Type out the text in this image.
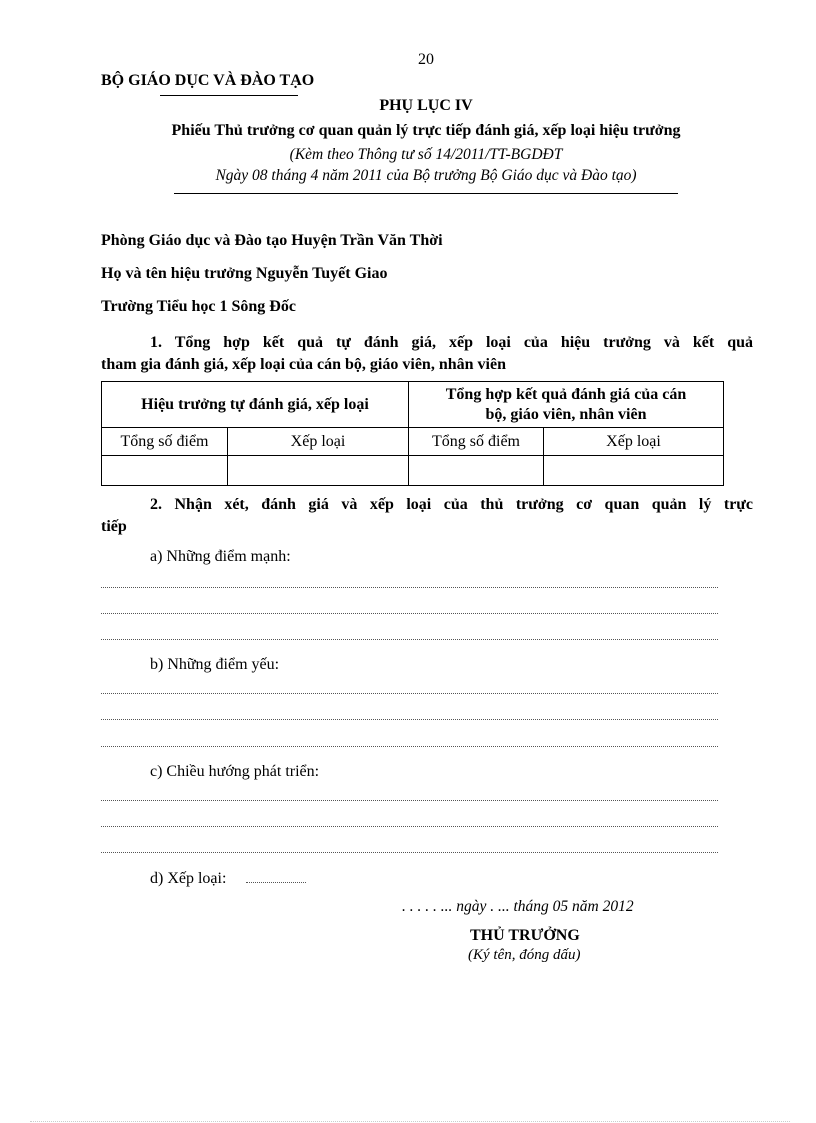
20
BỘ GIÁO DỤC VÀ ĐÀO TẠO
PHỤ LỤC IV
Phiếu Thủ trưởng cơ quan quản lý trực tiếp đánh giá, xếp loại hiệu trưởng
(Kèm theo Thông tư số 14/2011/TT-BGDĐT
Ngày 08 tháng 4 năm 2011 của Bộ trưởng Bộ Giáo dục và Đào tạo)
Phòng Giáo dục và Đào tạo Huyện Trần Văn Thời
Họ và tên hiệu trưởng Nguyễn Tuyết Giao
Trường Tiểu học 1 Sông Đốc
1. Tổng hợp kết quả tự đánh giá, xếp loại của hiệu trưởng và kết quả
tham gia đánh giá, xếp loại của cán bộ, giáo viên, nhân viên
Hiệu trưởng tự đánh giá, xếp loại		Tổng hợp kết quả đánh giá của cán
bộ, giáo viên, nhân viên	
Tổng số điểm	Xếp loại	Tổng số điểm	Xếp loại

2. Nhận xét, đánh giá và xếp loại của thủ trưởng cơ quan quản lý trực
tiếp
a) Những điểm mạnh:
b) Những điểm yếu:
c) Chiều hướng phát triển:
d) Xếp loại:
. . . . . ... ngày . ... tháng 05 năm 2012
THỦ TRƯỞNG
(Ký tên, đóng dấu)
